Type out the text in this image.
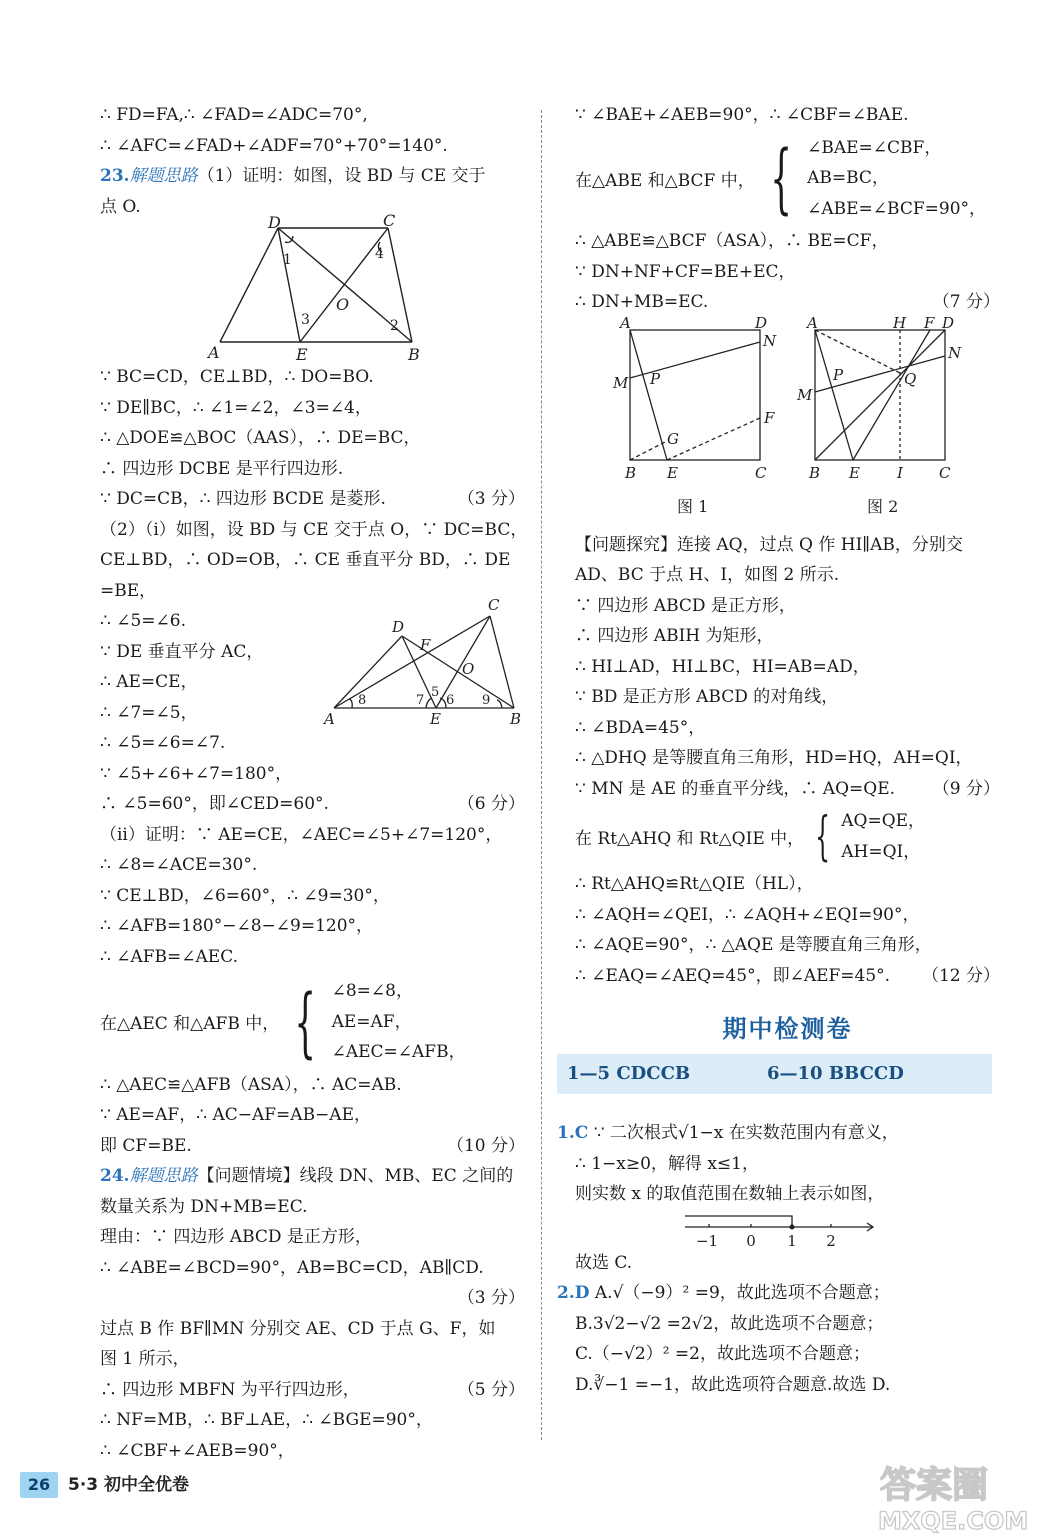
∴ FD=FA,∴ ∠FAD=∠ADC=70°,
∴ ∠AFC=∠FAD+∠ADF=70°+70°=140°.
23.解题思路（1）证明：如图，设 BD 与 CE 交于
点 O.
D	C
A	E	B
O
1
2
3
4
∵ BC=CD，CE⊥BD，∴ DO=BO.
∵ DE∥BC，∴ ∠1=∠2，∠3=∠4，
∴ △DOE≌△BOC（AAS），∴ DE=BC，
∴ 四边形 DCBE 是平行四边形.
∵ DC=CB，∴ 四边形 BCDE 是菱形.	（3 分）
（2）（i）如图，设 BD 与 CE 交于点 O，∵ DC=BC，
CE⊥BD，∴ OD=OB，∴ CE 垂直平分 BD，∴ DE
=BE，
∴ ∠5=∠6.
∵ DE 垂直平分 AC，
∴ AE=CE，
∴ ∠7=∠5，
∴ ∠5=∠6=∠7.
∵ ∠5+∠6+∠7=180°，
∴ ∠5=60°，即∠CED=60°.	（6 分）
D
C
F
O
A	E	B
8	7
5
6 9
（ii）证明：∵ AE=CE，∠AEC=∠5+∠7=120°，
∴ ∠8=∠ACE=30°.
∵ CE⊥BD，∠6=60°，∴ ∠9=30°，
∴ ∠AFB=180°−∠8−∠9=120°，
∴ ∠AFB=∠AEC.
在△AEC 和△AFB 中， { ∠8=∠8，
AE=AF，
∠AEC=∠AFB，
∴ △AEC≌△AFB（ASA），∴ AC=AB.
∵ AE=AF，∴ AC−AF=AB−AE，
即 CF=BE.	（10 分）
24.解题思路【问题情境】线段 DN、MB、EC 之间的
数量关系为 DN+MB=EC.
理由：∵ 四边形 ABCD 是正方形，
∴ ∠ABE=∠BCD=90°，AB=BC=CD，AB∥CD.
（3 分）
过点 B 作 BF∥MN 分别交 AE、CD 于点 G、F，如
图 1 所示，
∴ 四边形 MBFN 为平行四边形，	（5 分）
∴ NF=MB，∴ BF⊥AE，∴ ∠BGE=90°，
∴ ∠CBF+∠AEB=90°，
∵ ∠BAE+∠AEB=90°，∴ ∠CBF=∠BAE.
在△ABE 和△BCF 中， { ∠BAE=∠CBF，
AB=BC，
∠ABE=∠BCF=90°，
∴ △ABE≌△BCF（ASA），∴ BE=CF，
∵ DN+NF+CF=BE+EC，
∴ DN+MB=EC.	（7 分）
A	D
N
M P
G
F
B E	C
图 1
A	H F D
N
P	Q
M
B E I C
图 2
【问题探究】连接 AQ，过点 Q 作 HI∥AB，分别交
AD、BC 于点 H、I，如图 2 所示.
∵ 四边形 ABCD 是正方形，
∴ 四边形 ABIH 为矩形，
∴ HI⊥AD，HI⊥BC，HI=AB=AD，
∵ BD 是正方形 ABCD 的对角线，
∴ ∠BDA=45°，
∴ △DHQ 是等腰直角三角形，HD=HQ，AH=QI，
∵ MN 是 AE 的垂直平分线，∴ AQ=QE. （9 分）
在 Rt△AHQ 和 Rt△QIE 中， { AQ=QE，
AH=QI，
∴ Rt△AHQ≌Rt△QIE（HL），
∴ ∠AQH=∠QEI，∴ ∠AQH+∠EQI=90°，
∴ ∠AQE=90°，∴ △AQE 是等腰直角三角形，
∴ ∠EAQ=∠AEQ=45°，即∠AEF=45°. （12 分）
期中检测卷
1—5 CDCCB	6—10 BBCCD
1.C ∵ 二次根式√1−x 在实数范围内有意义，
∴ 1−x≥0，解得 x≤1，
则实数 x 的取值范围在数轴上表示如图，
−1 0 1 2
故选 C.
2.D A.√（−9）² =9，故此选项不合题意；
B.3√2−√2 =2√2，故此选项不合题意；
C.（−√2）² =2，故此选项不合题意；
D.∛−1 =−1，故此选项符合题意.故选 D.
26	5·3 初中全优卷	答案圈
MXQE.COM
